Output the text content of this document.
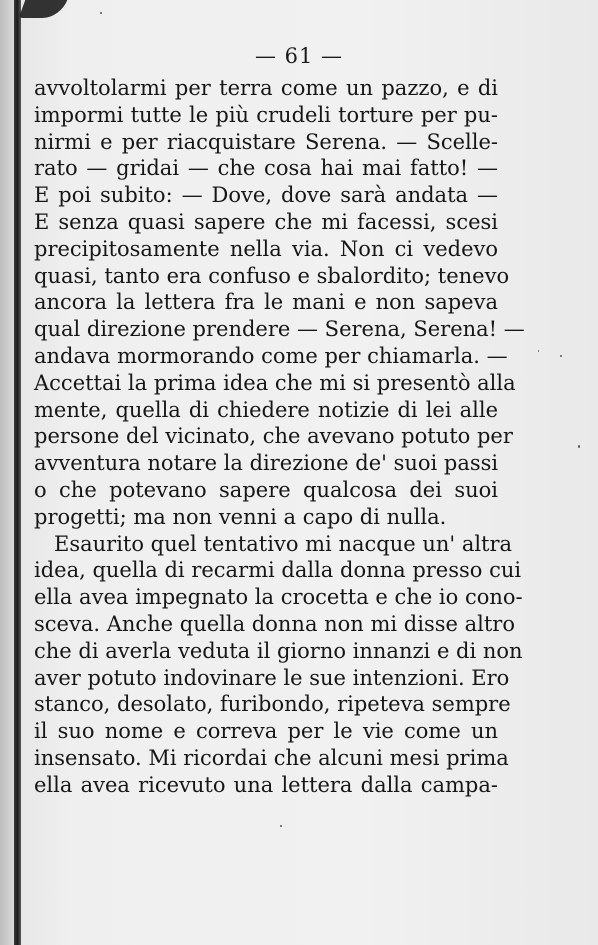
— 61 —
avvoltolarmi per terra come un pazzo, e di
impormi tutte le più crudeli torture per pu-
nirmi e per riacquistare Serena. — Scelle-
rato — gridai — che cosa hai mai fatto! —
E poi subito: — Dove, dove sarà andata —
E senza quasi sapere che mi facessi, scesi
precipitosamente nella via. Non ci vedevo
quasi, tanto era confuso e sbalordito; tenevo
ancora la lettera fra le mani e non sapeva
qual direzione prendere — Serena, Serena! —
andava mormorando come per chiamarla. —
Accettai la prima idea che mi si presentò alla
mente, quella di chiedere notizie di lei alle
persone del vicinato, che avevano potuto per
avventura notare la direzione de' suoi passi
o che potevano sapere qualcosa dei suoi
progetti; ma non venni a capo di nulla.
Esaurito quel tentativo mi nacque un' altra
idea, quella di recarmi dalla donna presso cui
ella avea impegnato la crocetta e che io cono-
sceva. Anche quella donna non mi disse altro
che di averla veduta il giorno innanzi e di non
aver potuto indovinare le sue intenzioni. Ero
stanco, desolato, furibondo, ripeteva sempre
il suo nome e correva per le vie come un
insensato. Mi ricordai che alcuni mesi prima
ella avea ricevuto una lettera dalla campa-
